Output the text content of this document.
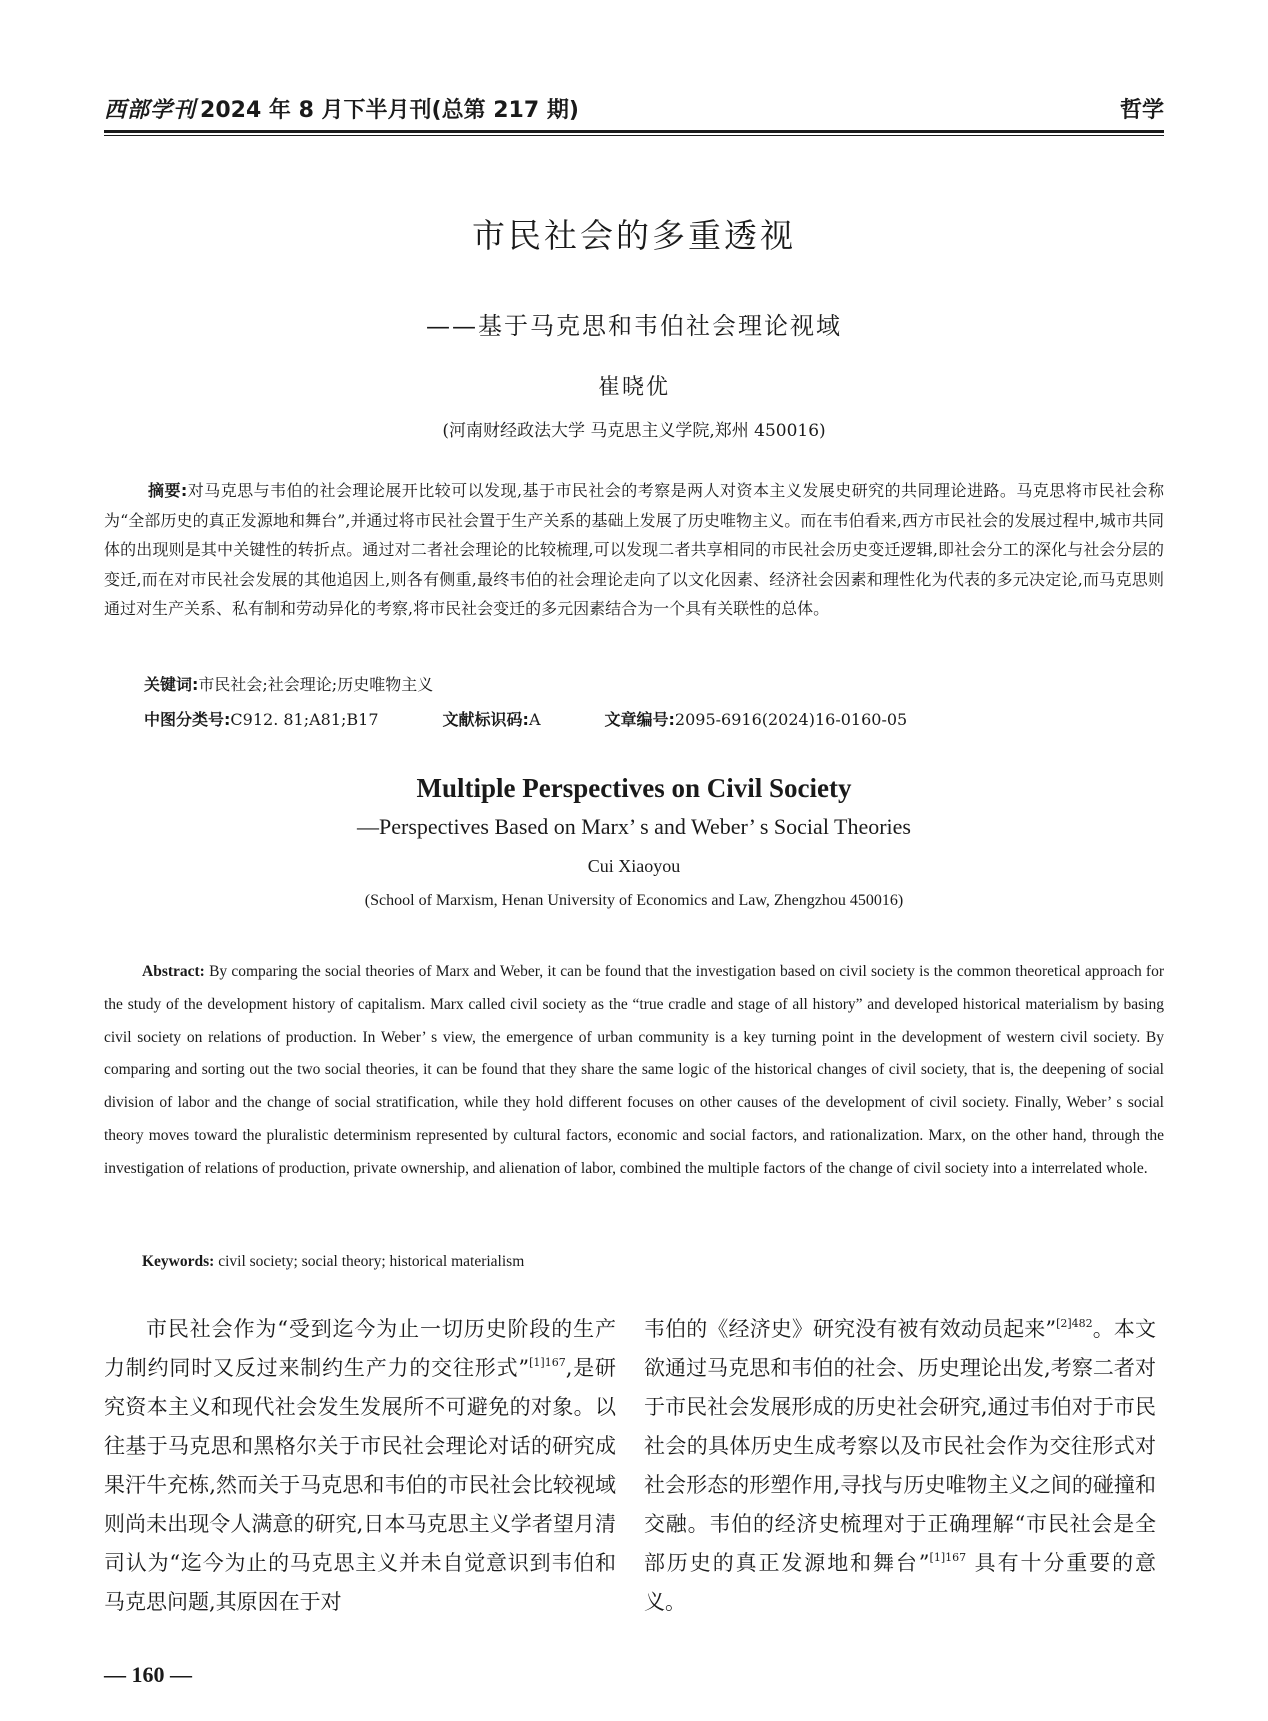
西部学刊 2024 年 8 月下半月刊(总第 217 期)	哲学
市民社会的多重透视
——基于马克思和韦伯社会理论视域
崔晓优
(河南财经政法大学 马克思主义学院,郑州 450016)
摘要:对马克思与韦伯的社会理论展开比较可以发现,基于市民社会的考察是两人对资本主义发展史研究的共同理论进路。马克思将市民社会称为“全部历史的真正发源地和舞台”,并通过将市民社会置于生产关系的基础上发展了历史唯物主义。而在韦伯看来,西方市民社会的发展过程中,城市共同体的出现则是其中关键性的转折点。通过对二者社会理论的比较梳理,可以发现二者共享相同的市民社会历史变迁逻辑,即社会分工的深化与社会分层的变迁,而在对市民社会发展的其他追因上,则各有侧重,最终韦伯的社会理论走向了以文化因素、经济社会因素和理性化为代表的多元决定论,而马克思则通过对生产关系、私有制和劳动异化的考察,将市民社会变迁的多元因素结合为一个具有关联性的总体。
关键词:市民社会;社会理论;历史唯物主义
中图分类号:C912. 81;A81;B17	文献标识码:A	文章编号:2095-6916(2024)16-0160-05
Multiple Perspectives on Civil Society
—Perspectives Based on Marx’ s and Weber’ s Social Theories
Cui Xiaoyou
(School of Marxism, Henan University of Economics and Law, Zhengzhou 450016)
Abstract: By comparing the social theories of Marx and Weber, it can be found that the investigation based on civil society is the common theoretical approach for the study of the development history of capitalism. Marx called civil society as the “true cradle and stage of all history” and developed historical materialism by basing civil society on relations of production. In Weber’ s view, the emergence of urban community is a key turning point in the development of western civil society. By comparing and sorting out the two social theories, it can be found that they share the same logic of the historical changes of civil society, that is, the deepening of social division of labor and the change of social stratification, while they hold different focuses on other causes of the development of civil society. Finally, Weber’ s social theory moves toward the pluralistic determinism represented by cultural factors, economic and social factors, and rationalization. Marx, on the other hand, through the investigation of relations of production, private ownership, and alienation of labor, combined the multiple factors of the change of civil society into a interrelated whole.
Keywords: civil society; social theory; historical materialism
市民社会作为“受到迄今为止一切历史阶段的生产力制约同时又反过来制约生产力的交往形式”$^{[1]167}$,是研究资本主义和现代社会发生发展所不可避免的对象。以往基于马克思和黑格尔关于市民社会理论对话的研究成果汗牛充栋,然而关于马克思和韦伯的市民社会比较视域则尚未出现令人满意的研究,日本马克思主义学者望月清司认为“迄今为止的马克思主义并未自觉意识到韦伯和马克思问题,其原因在于对
韦伯的《经济史》研究没有被有效动员起来”$^{[2]482}$。本文欲通过马克思和韦伯的社会、历史理论出发,考察二者对于市民社会发展形成的历史社会研究,通过韦伯对于市民社会的具体历史生成考察以及市民社会作为交往形式对社会形态的形塑作用,寻找与历史唯物主义之间的碰撞和交融。韦伯的经济史梳理对于正确理解“市民社会是全部历史的真正发源地和舞台”$^{[1]167}$ 具有十分重要的意义。
— 160 —
